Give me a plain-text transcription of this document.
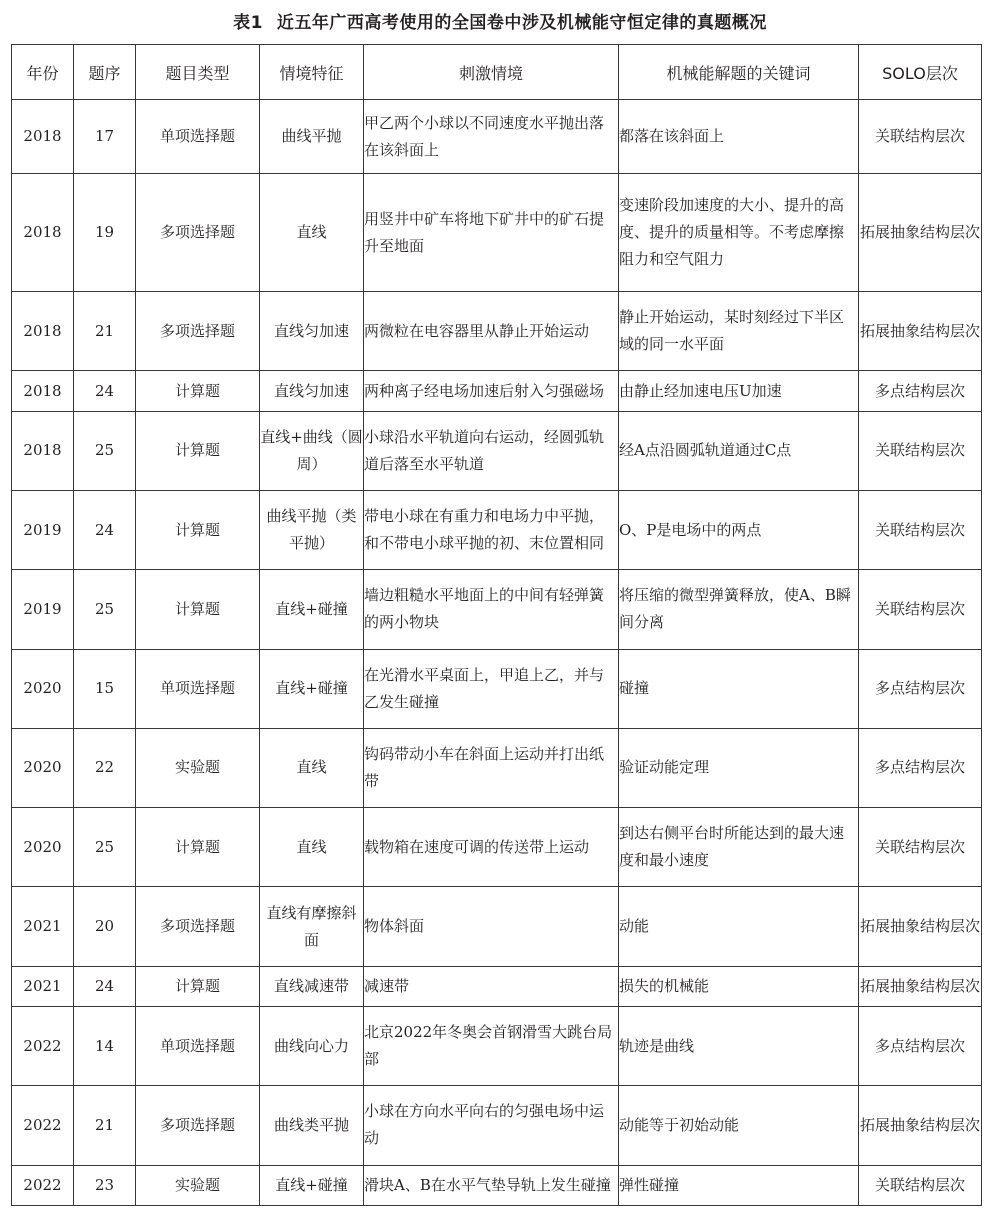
表1 近五年广西高考使用的全国卷中涉及机械能守恒定律的真题概况
年份	题序	题目类型	情境特征	刺激情境	机械能解题的关键词	SOLO层次
2018	17	单项选择题	曲线平抛	甲乙两个小球以不同速度水平抛出落在该斜面上	都落在该斜面上	关联结构层次
2018	19	多项选择题	直线	用竖井中矿车将地下矿井中的矿石提升至地面	变速阶段加速度的大小、提升的高度、提升的质量相等。不考虑摩擦阻力和空气阻力	拓展抽象结构层次
2018	21	多项选择题	直线匀加速	两微粒在电容器里从静止开始运动	静止开始运动，某时刻经过下半区域的同一水平面	拓展抽象结构层次
2018	24	计算题	直线匀加速	两种离子经电场加速后射入匀强磁场	由静止经加速电压U加速	多点结构层次
2018	25	计算题	直线+曲线（圆周）	小球沿水平轨道向右运动，经圆弧轨道后落至水平轨道	经A点沿圆弧轨道通过C点	关联结构层次
2019	24	计算题	曲线平抛（类平抛）	带电小球在有重力和电场力中平抛，和不带电小球平抛的初、末位置相同	O、P是电场中的两点	关联结构层次
2019	25	计算题	直线+碰撞	墙边粗糙水平地面上的中间有轻弹簧的两小物块	将压缩的微型弹簧释放，使A、B瞬间分离	关联结构层次
2020	15	单项选择题	直线+碰撞	在光滑水平桌面上，甲追上乙，并与乙发生碰撞	碰撞	多点结构层次
2020	22	实验题	直线	钩码带动小车在斜面上运动并打出纸带	验证动能定理	多点结构层次
2020	25	计算题	直线	载物箱在速度可调的传送带上运动	到达右侧平台时所能达到的最大速度和最小速度	关联结构层次
2021	20	多项选择题	直线有摩擦斜面	物体斜面	动能	拓展抽象结构层次
2021	24	计算题	直线减速带	减速带	损失的机械能	拓展抽象结构层次
2022	14	单项选择题	曲线向心力	北京2022年冬奥会首钢滑雪大跳台局部	轨迹是曲线	多点结构层次
2022	21	多项选择题	曲线类平抛	小球在方向水平向右的匀强电场中运动	动能等于初始动能	拓展抽象结构层次
2022	23	实验题	直线+碰撞	滑块A、B在水平气垫导轨上发生碰撞	弹性碰撞	关联结构层次
